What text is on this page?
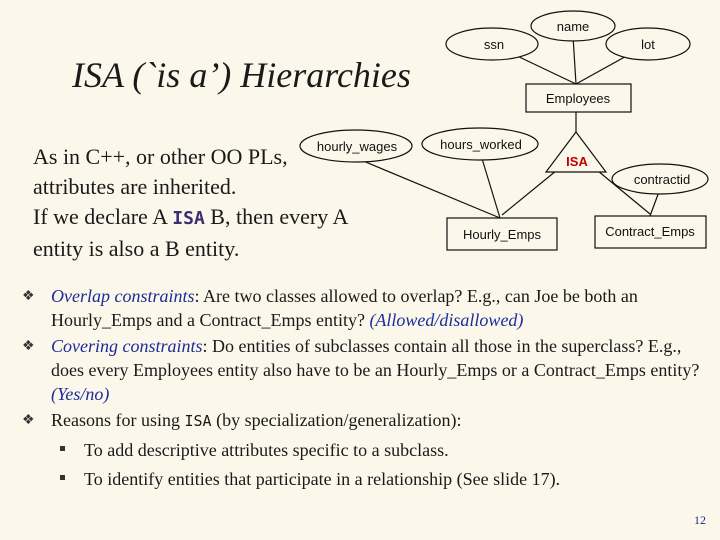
ISA (`is a’) Hierarchies
As in C++, or other OO PLs,
attributes are inherited.
If we declare A ISA B, then every A
entity is also a B entity.
ssn
name
lot
Employees
ISA
hourly_wages	hours_worked
contractid
Hourly_Emps	Contract_Emps
❖ Overlap constraints: Are two classes allowed to overlap? E.g., can Joe be both an Hourly_Emps and a Contract_Emps entity? (Allowed/disallowed)
❖ Covering constraints: Do entities of subclasses contain all those in the superclass? E.g., does every Employees entity also have to be an Hourly_Emps or a Contract_Emps entity? (Yes/no)
❖ Reasons for using ISA (by specialization/generalization):
To add descriptive attributes specific to a subclass.
To identify entities that participate in a relationship (See slide 17).
12
